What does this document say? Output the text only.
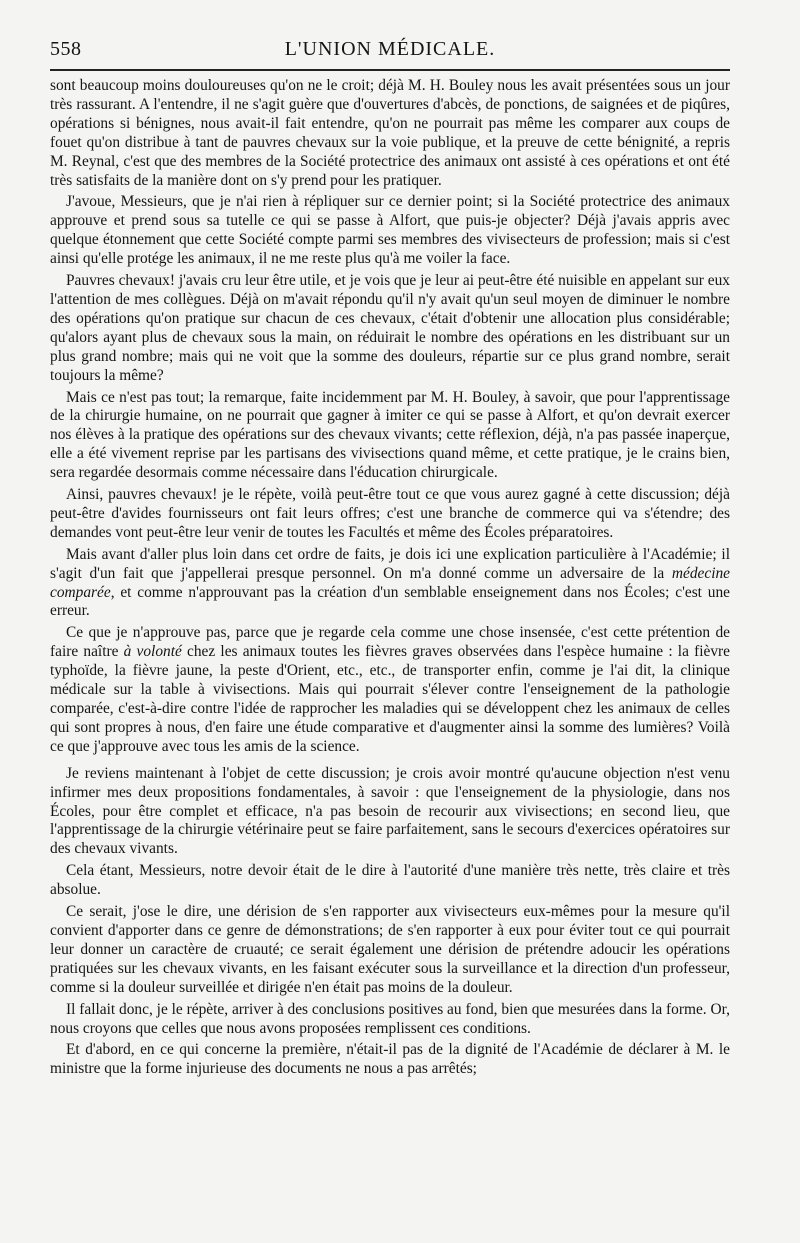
558	L'UNION MÉDICALE.

sont beaucoup moins douloureuses qu'on ne le croit; déjà M. H. Bouley nous les avait présentées sous un jour très rassurant. A l'entendre, il ne s'agit guère que d'ouvertures d'abcès, de ponctions, de saignées et de piqûres, opérations si bénignes, nous avait-il fait entendre, qu'on ne pourrait pas même les comparer aux coups de fouet qu'on distribue à tant de pauvres chevaux sur la voie publique, et la preuve de cette bénignité, a repris M. Reynal, c'est que des membres de la Société protectrice des animaux ont assisté à ces opérations et ont été très satisfaits de la manière dont on s'y prend pour les pratiquer.

J'avoue, Messieurs, que je n'ai rien à répliquer sur ce dernier point; si la Société protectrice des animaux approuve et prend sous sa tutelle ce qui se passe à Alfort, que puis-je objecter? Déjà j'avais appris avec quelque étonnement que cette Société compte parmi ses membres des vivisecteurs de profession; mais si c'est ainsi qu'elle protége les animaux, il ne me reste plus qu'à me voiler la face.

Pauvres chevaux! j'avais cru leur être utile, et je vois que je leur ai peut-être été nuisible en appelant sur eux l'attention de mes collègues. Déjà on m'avait répondu qu'il n'y avait qu'un seul moyen de diminuer le nombre des opérations qu'on pratique sur chacun de ces chevaux, c'était d'obtenir une allocation plus considérable; qu'alors ayant plus de chevaux sous la main, on réduirait le nombre des opérations en les distribuant sur un plus grand nombre; mais qui ne voit que la somme des douleurs, répartie sur ce plus grand nombre, serait toujours la même?

Mais ce n'est pas tout; la remarque, faite incidemment par M. H. Bouley, à savoir, que pour l'apprentissage de la chirurgie humaine, on ne pourrait que gagner à imiter ce qui se passe à Alfort, et qu'on devrait exercer nos élèves à la pratique des opérations sur des chevaux vivants; cette réflexion, déjà, n'a pas passée inaperçue, elle a été vivement reprise par les partisans des vivisections quand même, et cette pratique, je le crains bien, sera regardée desormais comme nécessaire dans l'éducation chirurgicale.

Ainsi, pauvres chevaux! je le répète, voilà peut-être tout ce que vous aurez gagné à cette discussion; déjà peut-être d'avides fournisseurs ont fait leurs offres; c'est une branche de commerce qui va s'étendre; des demandes vont peut-être leur venir de toutes les Facultés et même des Écoles préparatoires.

Mais avant d'aller plus loin dans cet ordre de faits, je dois ici une explication particulière à l'Académie; il s'agit d'un fait que j'appellerai presque personnel. On m'a donné comme un adversaire de la médecine comparée, et comme n'approuvant pas la création d'un semblable enseignement dans nos Écoles; c'est une erreur.

Ce que je n'approuve pas, parce que je regarde cela comme une chose insensée, c'est cette prétention de faire naître à volonté chez les animaux toutes les fièvres graves observées dans l'espèce humaine : la fièvre typhoïde, la fièvre jaune, la peste d'Orient, etc., etc., de transporter enfin, comme je l'ai dit, la clinique médicale sur la table à vivisections. Mais qui pourrait s'élever contre l'enseignement de la pathologie comparée, c'est-à-dire contre l'idée de rapprocher les maladies qui se développent chez les animaux de celles qui sont propres à nous, d'en faire une étude comparative et d'augmenter ainsi la somme des lumières? Voilà ce que j'approuve avec tous les amis de la science.

Je reviens maintenant à l'objet de cette discussion; je crois avoir montré qu'aucune objection n'est venu infirmer mes deux propositions fondamentales, à savoir : que l'enseignement de la physiologie, dans nos Écoles, pour être complet et efficace, n'a pas besoin de recourir aux vivisections; en second lieu, que l'apprentissage de la chirurgie vétérinaire peut se faire parfaitement, sans le secours d'exercices opératoires sur des chevaux vivants.

Cela étant, Messieurs, notre devoir était de le dire à l'autorité d'une manière très nette, très claire et très absolue.

Ce serait, j'ose le dire, une dérision de s'en rapporter aux vivisecteurs eux-mêmes pour la mesure qu'il convient d'apporter dans ce genre de démonstrations; de s'en rapporter à eux pour éviter tout ce qui pourrait leur donner un caractère de cruauté; ce serait également une dérision de prétendre adoucir les opérations pratiquées sur les chevaux vivants, en les faisant exécuter sous la surveillance et la direction d'un professeur, comme si la douleur surveillée et dirigée n'en était pas moins de la douleur.

Il fallait donc, je le répète, arriver à des conclusions positives au fond, bien que mesurées dans la forme. Or, nous croyons que celles que nous avons proposées remplissent ces conditions.

Et d'abord, en ce qui concerne la première, n'était-il pas de la dignité de l'Académie de déclarer à M. le ministre que la forme injurieuse des documents ne nous a pas arrêtés;
